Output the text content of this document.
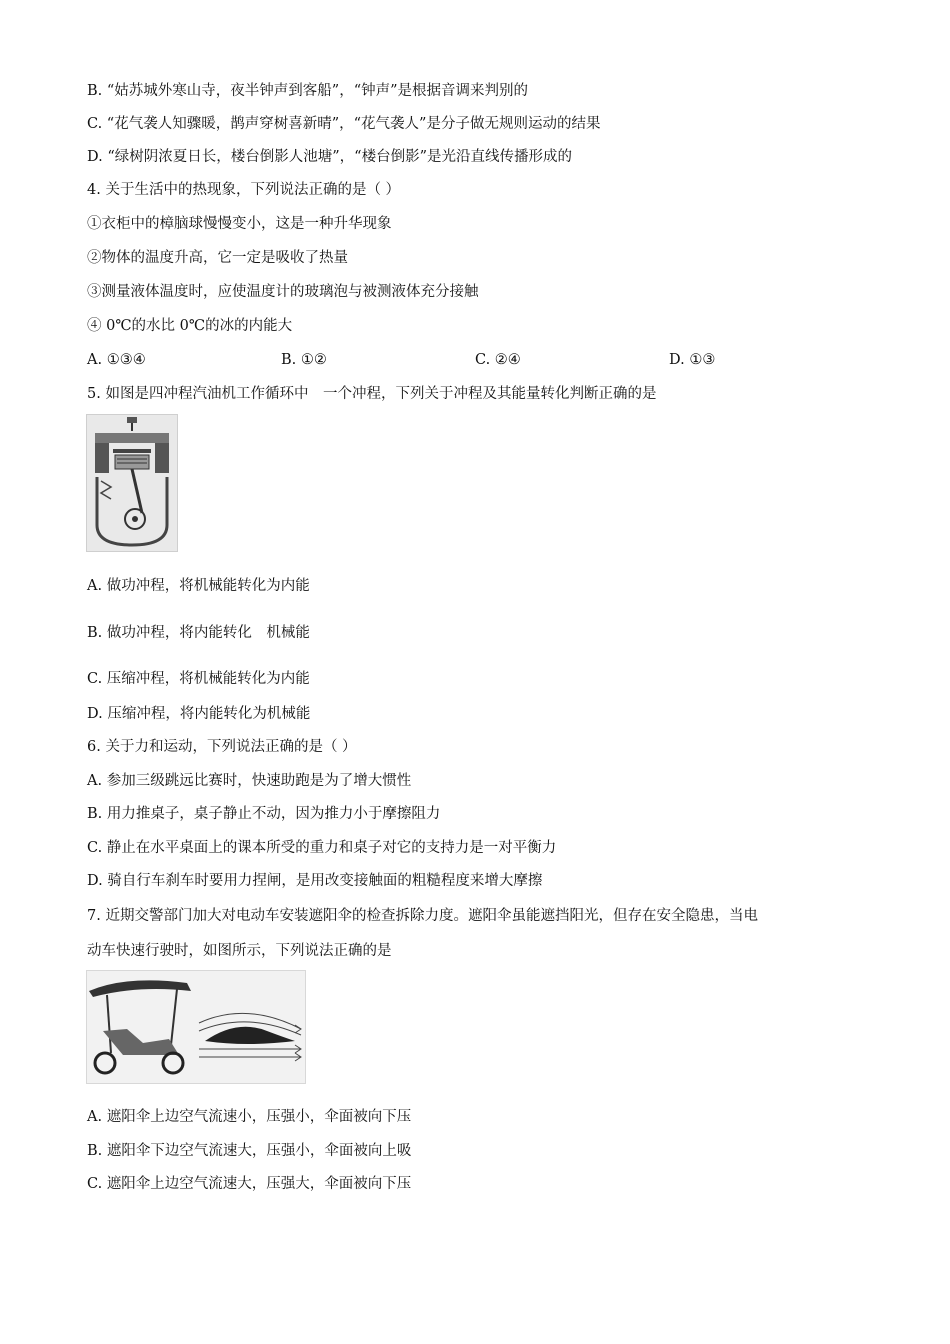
B. “姑苏城外寒山寺，夜半钟声到客船”，“钟声”是根据音调来判别的
C. “花气袭人知骤暖，鹊声穿树喜新晴”，“花气袭人”是分子做无规则运动的结果
D. “绿树阴浓夏日长，楼台倒影人池塘”，“楼台倒影”是光沿直线传播形成的
4. 关于生活中的热现象，下列说法正确的是（ ）
①衣柜中的樟脑球慢慢变小，这是一种升华现象
②物体的温度升高，它一定是吸收了热量
③测量液体温度时，应使温度计的玻璃泡与被测液体充分接触
④ 0℃的水比 0℃的冰的内能大
A. ①③④	B. ①②	C. ②④	D. ①③
5. 如图是四冲程汽油机工作循环中　一个冲程，下列关于冲程及其能量转化判断正确的是
A. 做功冲程，将机械能转化为内能
B. 做功冲程，将内能转化　机械能
C. 压缩冲程，将机械能转化为内能
D. 压缩冲程，将内能转化为机械能
6. 关于力和运动，下列说法正确的是（ ）
A. 参加三级跳远比赛时，快速助跑是为了增大惯性
B. 用力推桌子，桌子静止不动，因为推力小于摩擦阻力
C. 静止在水平桌面上的课本所受的重力和桌子对它的支持力是一对平衡力
D. 骑自行车刹车时要用力捏闸，是用改变接触面的粗糙程度来增大摩擦
7. 近期交警部门加大对电动车安装遮阳伞的检查拆除力度。遮阳伞虽能遮挡阳光，但存在安全隐患，当电
动车快速行驶时，如图所示，下列说法正确的是
A. 遮阳伞上边空气流速小，压强小，伞面被向下压
B. 遮阳伞下边空气流速大，压强小，伞面被向上吸
C. 遮阳伞上边空气流速大，压强大，伞面被向下压
